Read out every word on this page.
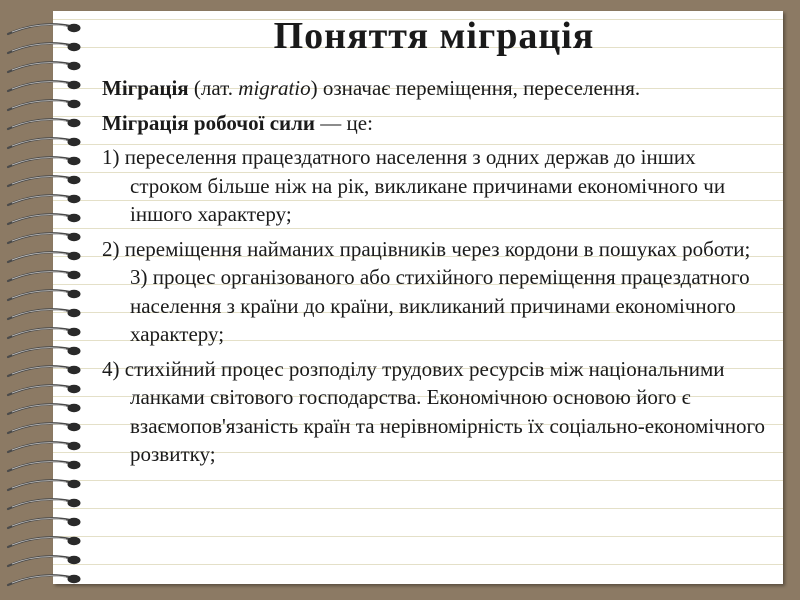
Поняття міграція

Міграція (лат. migratio) означає переміщення, переселення.

Міграція робочої сили — це:

1) переселення працездатного населення з одних держав до інших строком більше ніж на рік, викликане причинами економічного чи іншого характеру;

2) переміщення найманих працівників через кордони в пошуках роботи; 3) процес організованого або стихійного переміщення працездатного населення з країни до країни, викликаний причинами економічного характеру;

4) стихійний процес розподілу трудових ресурсів між національними ланками світового господарства. Економічною основою його є взаємопов'язаність країн та нерівномірність їх соціально-економічного розвитку;
